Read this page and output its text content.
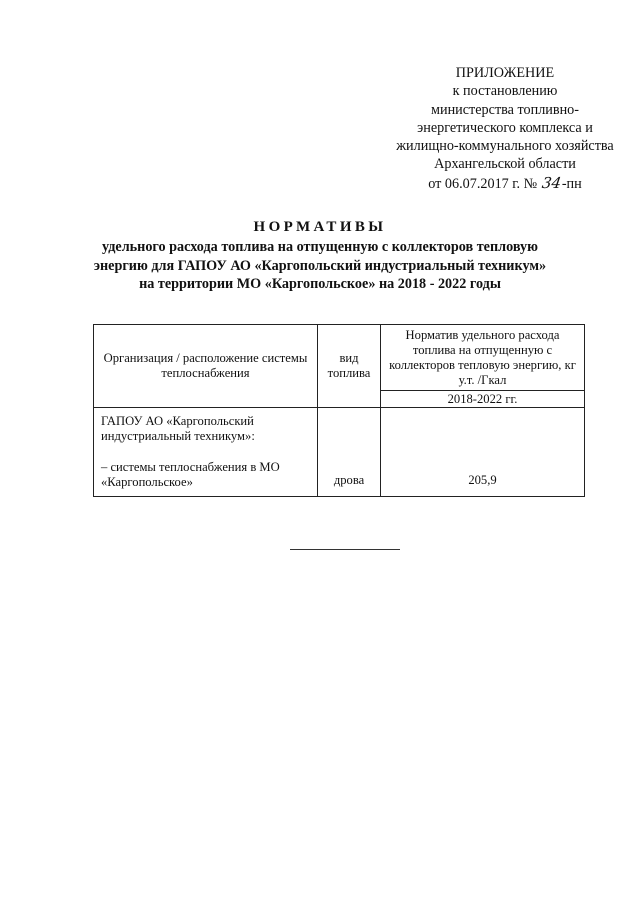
ПРИЛОЖЕНИЕ
к постановлению
министерства топливно-
энергетического комплекса и
жилищно-коммунального хозяйства
Архангельской области
от 06.07.2017 г. № 34-пн
НОРМАТИВЫ
удельного расхода топлива на отпущенную с коллекторов тепловую
энергию для ГАПОУ АО «Каргопольский индустриальный техникум»
на территории МО «Каргопольское» на 2018 - 2022 годы
Организация / расположение системы теплоснабжения	вид топлива	Норматив удельного расхода топлива на отпущенную с коллекторов тепловую энергию, кг у.т. /Гкал
		2018-2022 гг.

ГАПОУ АО «Каргопольский индустриальный техникум»:
– системы теплоснабжения в МО «Каргопольское»	дрова	205,9
